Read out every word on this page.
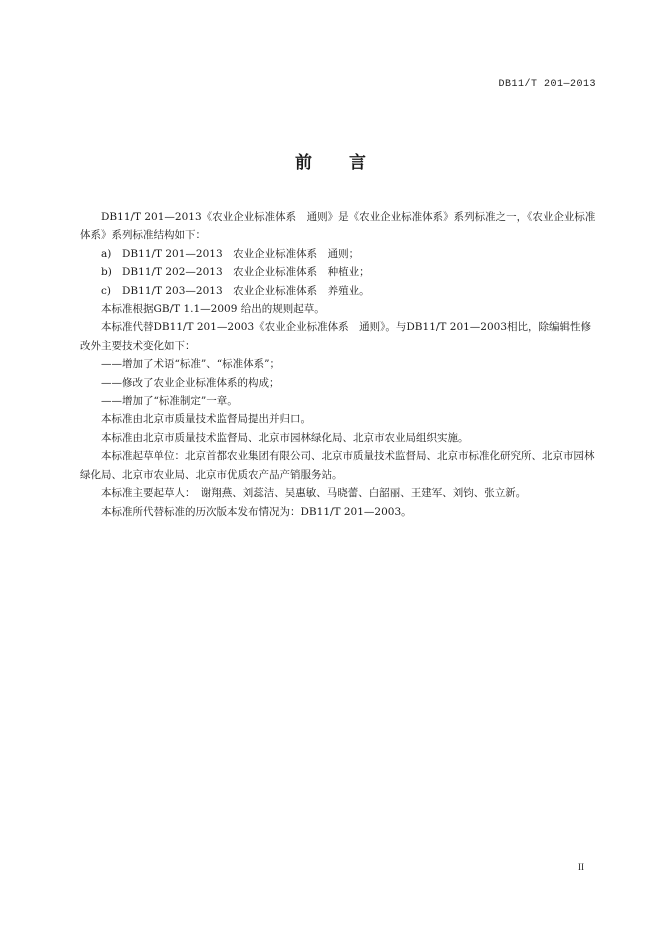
DB11/T 201—2013
前 言

DB11/T 201—2013《农业企业标准体系　通则》是《农业企业标准体系》系列标准之一，《农业企业标准体系》系列标准结构如下：

a) DB11/T 201—2013　农业企业标准体系　通则；

b) DB11/T 202—2013　农业企业标准体系　种植业；

c) DB11/T 203—2013　农业企业标准体系　养殖业。

本标准根据GB/T 1.1—2009 给出的规则起草。

本标准代替DB11/T 201—2003《农业企业标准体系　通则》。与DB11/T 201—2003相比，除编辑性修改外主要技术变化如下：

——增加了术语“标准”、“标准体系”；

——修改了农业企业标准体系的构成；

——增加了“标准制定”一章。

本标准由北京市质量技术监督局提出并归口。

本标准由北京市质量技术监督局、北京市园林绿化局、北京市农业局组织实施。

本标准起草单位：北京首都农业集团有限公司、北京市质量技术监督局、北京市标准化研究所、北京市园林绿化局、北京市农业局、北京市优质农产品产销服务站。

本标准主要起草人：　谢翔燕、刘蕊洁、吴惠敏、马晓蕾、白韶丽、王建军、刘钧、张立新。

本标准所代替标准的历次版本发布情况为：DB11/T 201—2003。

II
